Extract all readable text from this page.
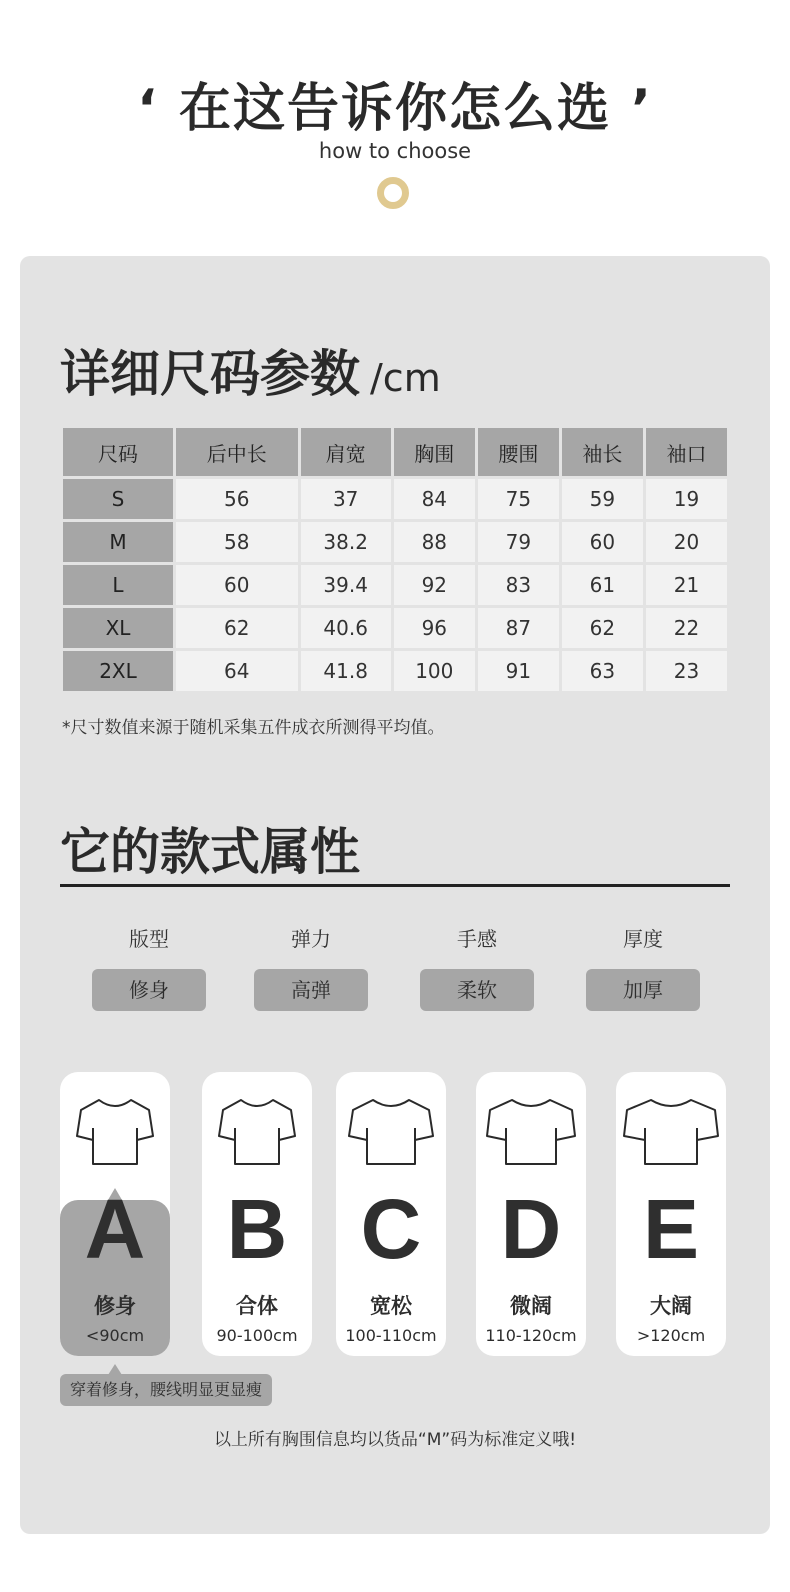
‘ 在这告诉你怎么选 ’
how to choose
详细尺码参数 /cm
尺码	后中长	肩宽	胸围	腰围	袖长	袖口
S	56	37	84	75	59	19
M	58	38.2	88	79	60	20
L	60	39.4	92	83	61	21
XL	62	40.6	96	87	62	22
2XL	64	41.8	100	91	63	23
*尺寸数值来源于随机采集五件成衣所测得平均值。
它的款式属性
版型
修身
弹力
高弹
手感
柔软
厚度
加厚
A
修身
<90cm
B
合体
90-100cm
C
宽松
100-110cm
D
微阔
110-120cm
E
大阔
>120cm
穿着修身，腰线明显更显瘦
以上所有胸围信息均以货品“M”码为标准定义哦!
